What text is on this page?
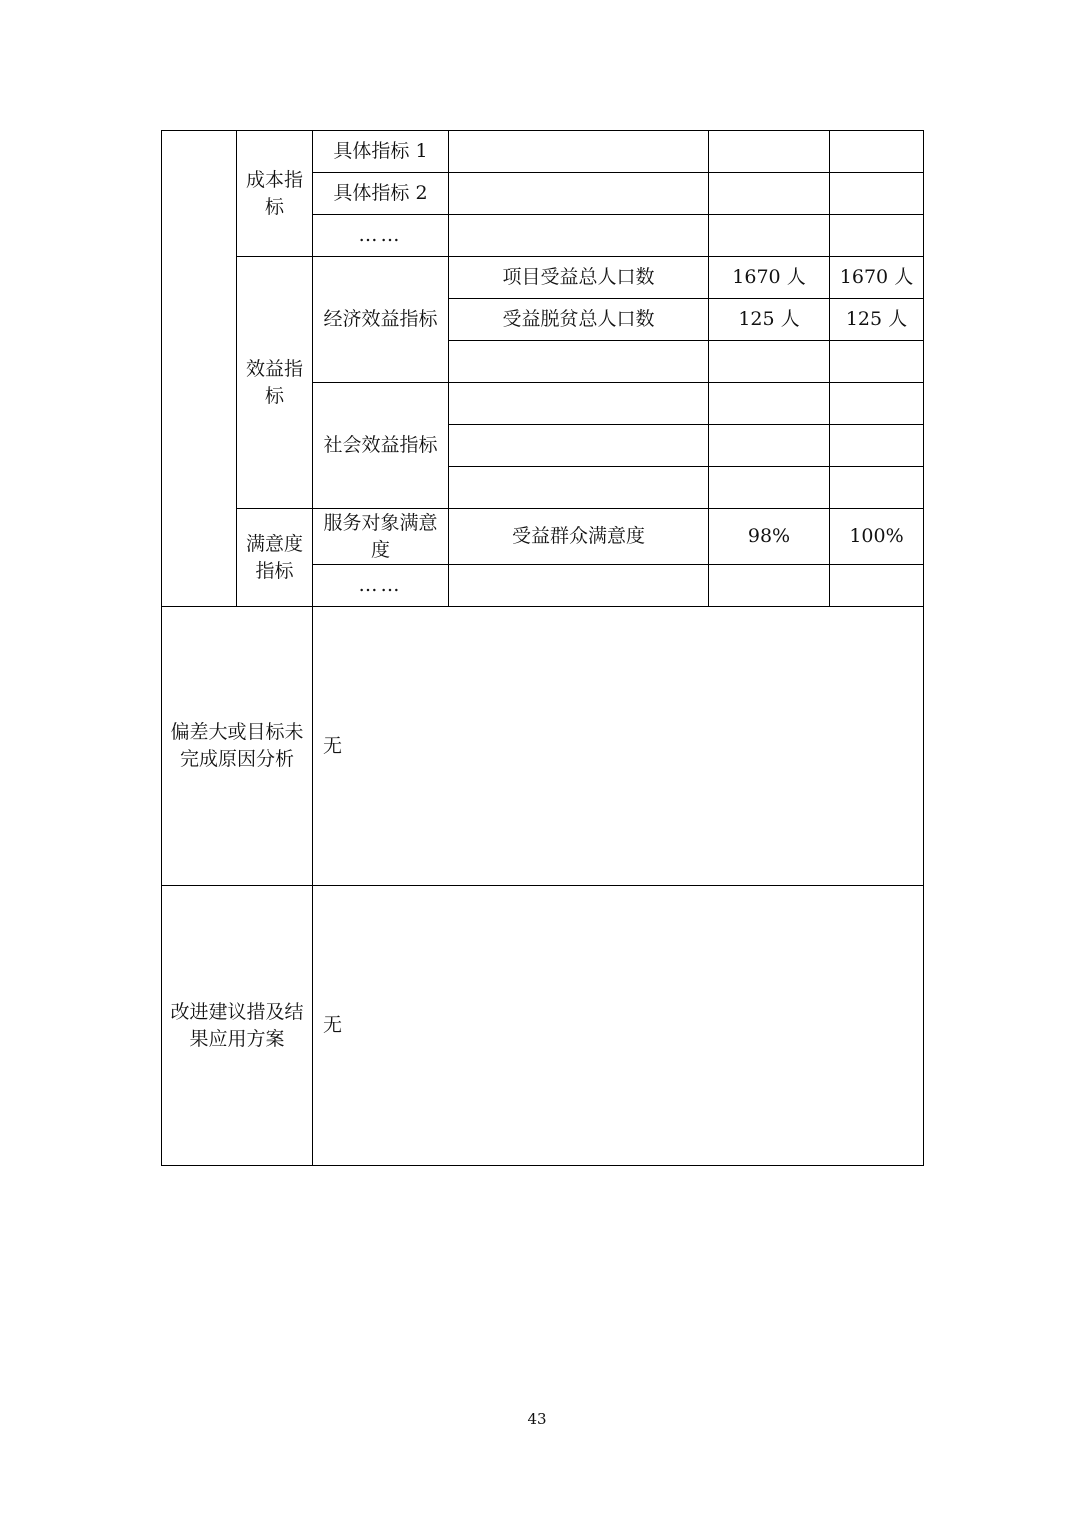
	成本指标	具体指标 1			
		具体指标 2			
		……			
	效益指标	经济效益指标	项目受益总人口数	1670 人	1670 人
			受益脱贫总人口数	125 人	125 人

		社会效益指标			

	满意度指标	服务对象满意度	受益群众满意度	98%	100%
		……			
偏差大或目标未完成原因分析		无			
改进建议措及结果应用方案		无			
43
